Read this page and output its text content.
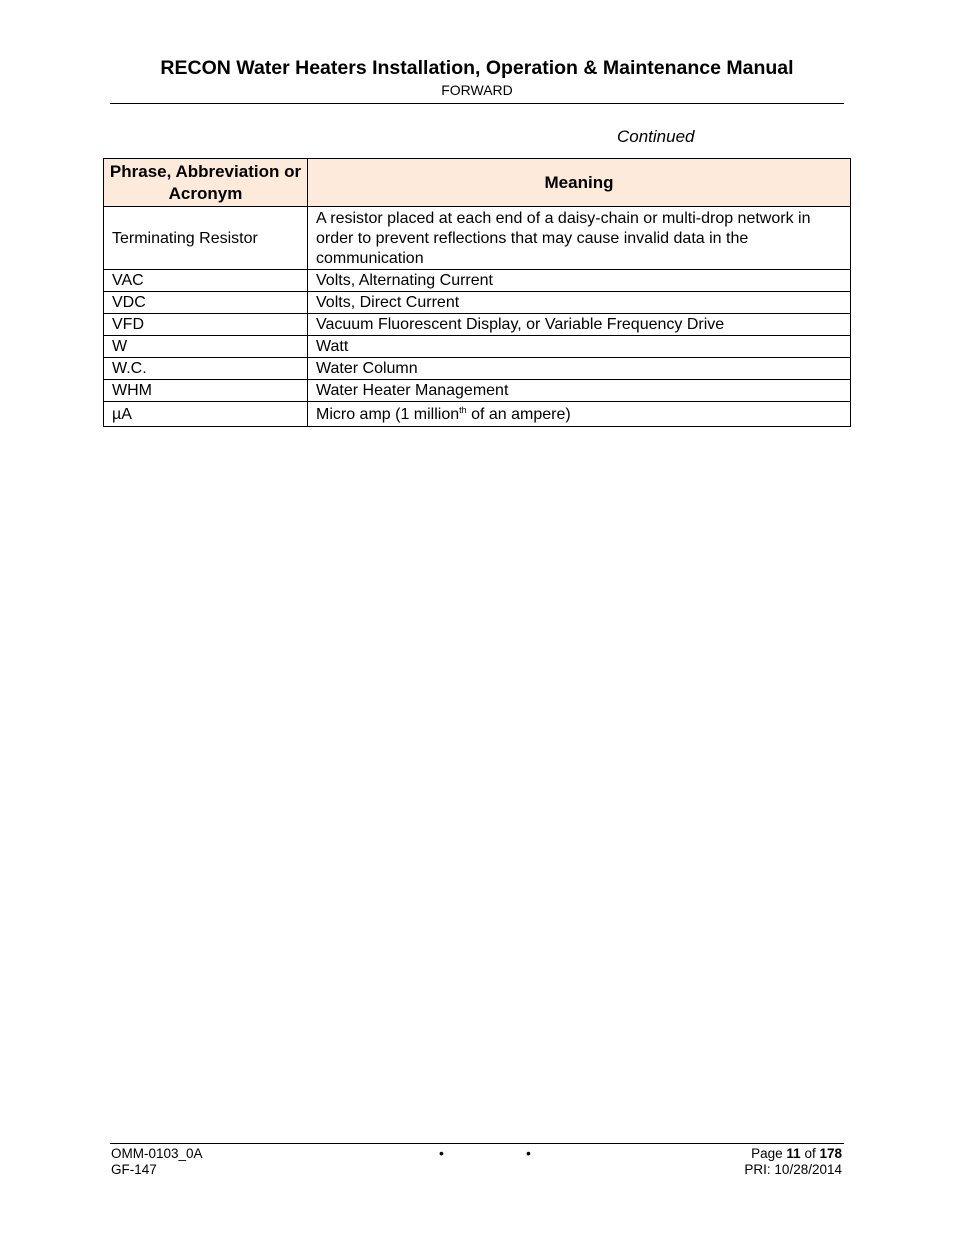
RECON Water Heaters Installation, Operation & Maintenance Manual
FORWARD
Continued
Phrase, Abbreviation or Acronym	Meaning
Terminating Resistor	A resistor placed at each end of a daisy-chain or multi-drop network in order to prevent reflections that may cause invalid data in the communication
VAC	Volts, Alternating Current
VDC	Volts, Direct Current
VFD	Vacuum Fluorescent Display, or Variable Frequency Drive
W	Watt
W.C.	Water Column
WHM	Water Heater Management
µA	Micro amp (1 million$^{th}$ of an ampere)
OMM-0103_0A
GF-147
•	•	Page 11 of 178
PRI: 10/28/2014
